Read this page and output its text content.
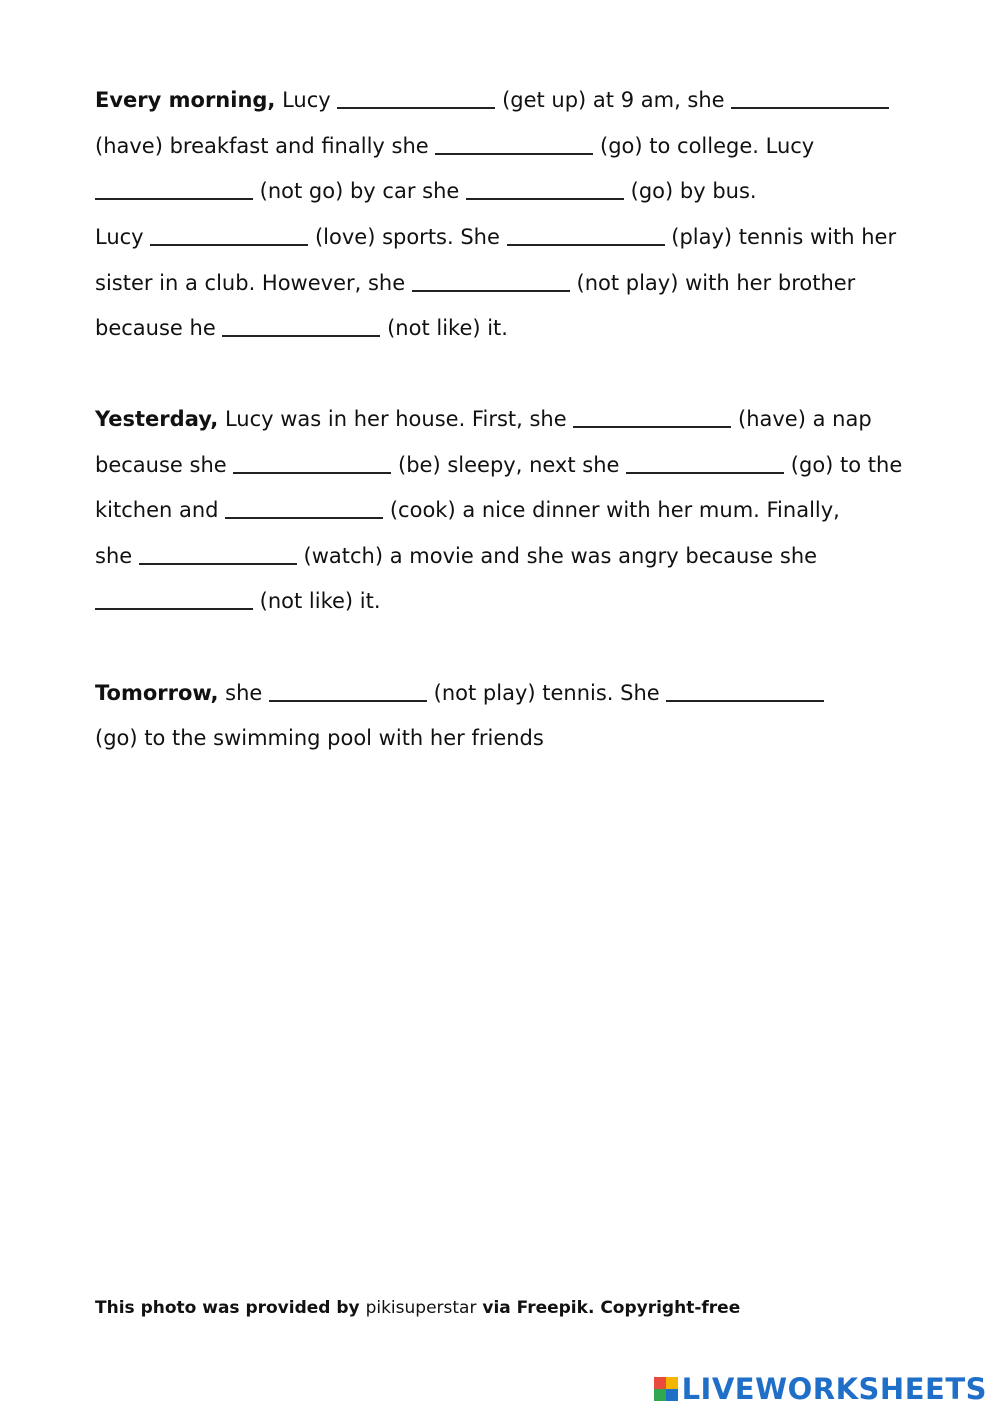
Every morning, Lucy	(get up) at 9 am, she
(have) breakfast and finally she	(go) to college. Lucy
(not go) by car she	(go) by bus.
Lucy	(love) sports. She	(play) tennis with her
sister in a club. However, she	(not play) with her brother
because he	(not like) it.
Yesterday, Lucy was in her house. First, she	(have) a nap
because she	(be) sleepy, next she	(go) to the
kitchen and	(cook) a nice dinner with her mum. Finally,
she	(watch) a movie and she was angry because she
(not like) it.
Tomorrow, she	(not play) tennis. She
(go) to the swimming pool with her friends
This photo was provided by pikisuperstar via Freepik. Copyright-free
LIVEWORKSHEETS
